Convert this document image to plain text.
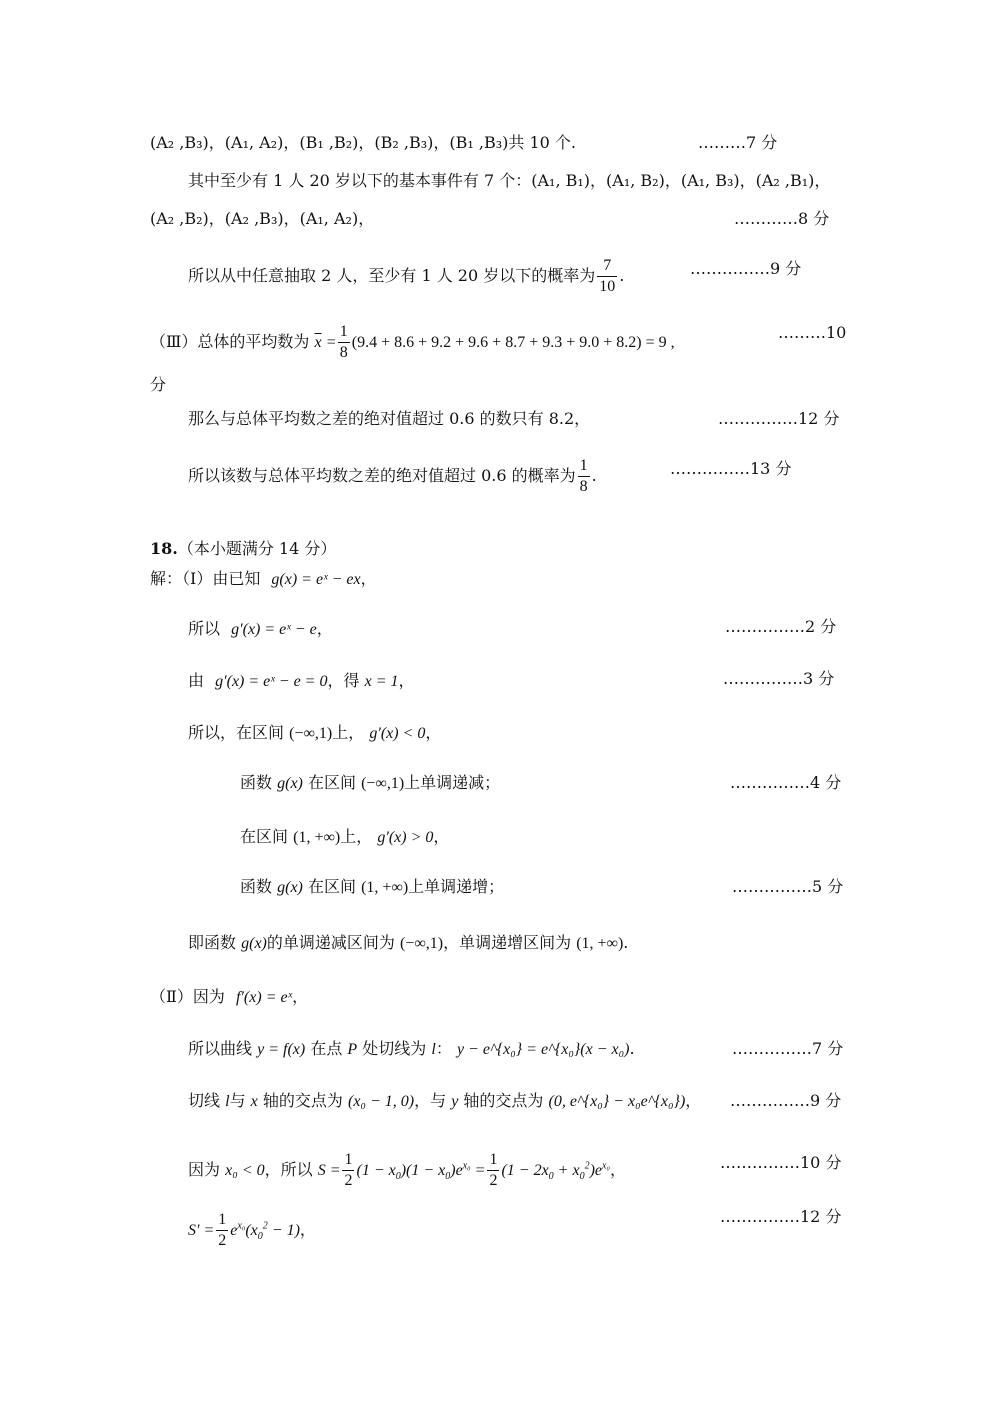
(A₂ ,B₃)，(A₁, A₂)，(B₁ ,B₂)，(B₂ ,B₃)，(B₁ ,B₃)共 10 个.	………7 分
其中至少有 1 人 20 岁以下的基本事件有 7 个：(A₁, B₁)，(A₁, B₂)，(A₁, B₃)，(A₂ ,B₁)，
(A₂ ,B₂)，(A₂ ,B₃)，(A₁, A₂)，	…………8 分
所以从中任意抽取 2 人，至少有 1 人 20 岁以下的概率为 $\frac{7}{10}$ .	……………9 分
（Ⅲ）总体的平均数为 $\overline{x} = \frac{1}{8} (9.4 + 8.6 + 9.2 + 9.6 + 8.7 + 9.3 + 9.0 + 8.2) = 9$ ,
………10
分
那么与总体平均数之差的绝对值超过 0.6 的数只有 8.2，	……………12 分
所以该数与总体平均数之差的绝对值超过 0.6 的概率为 $\frac{1}{8}$ .	……………13 分
18.（本小题满分 14 分）
解：（Ⅰ）由已知 g(x) = eˣ − ex，
所以 g′(x) = eˣ − e，	……………2 分
由 g′(x) = eˣ − e = 0，得 x = 1，	……………3 分
所以，在区间 (−∞,1)上， g′(x) < 0，
函数 g(x) 在区间 (−∞,1)上单调递减；	……………4 分
在区间 (1, +∞)上， g′(x) > 0，
函数 g(x) 在区间 (1, +∞)上单调递增；	……………5 分
即函数 g(x)的单调递减区间为 (−∞,1)，单调递增区间为 (1, +∞).
（Ⅱ）因为 f′(x) = eˣ，
所以曲线 y = f(x) 在点 P 处切线为 l： y − e^{x₀} = e^{x₀}(x − x₀).	……………7 分
切线 l与 x 轴的交点为 (x₀ − 1, 0)，与 y 轴的交点为 (0, e^{x₀} − x₀e^{x₀})， ……………9 分
因为 x₀ < 0，所以 $S = \frac{1}{2} (1 - x_0)(1 - x_0)e^{x_0} = \frac{1}{2} (1 - 2x_0 + x_0^2)e^{x_0}$，	……………10 分
$S' = \frac{1}{2} e^{x_0}(x_0^2 - 1)$，
……………12 分
